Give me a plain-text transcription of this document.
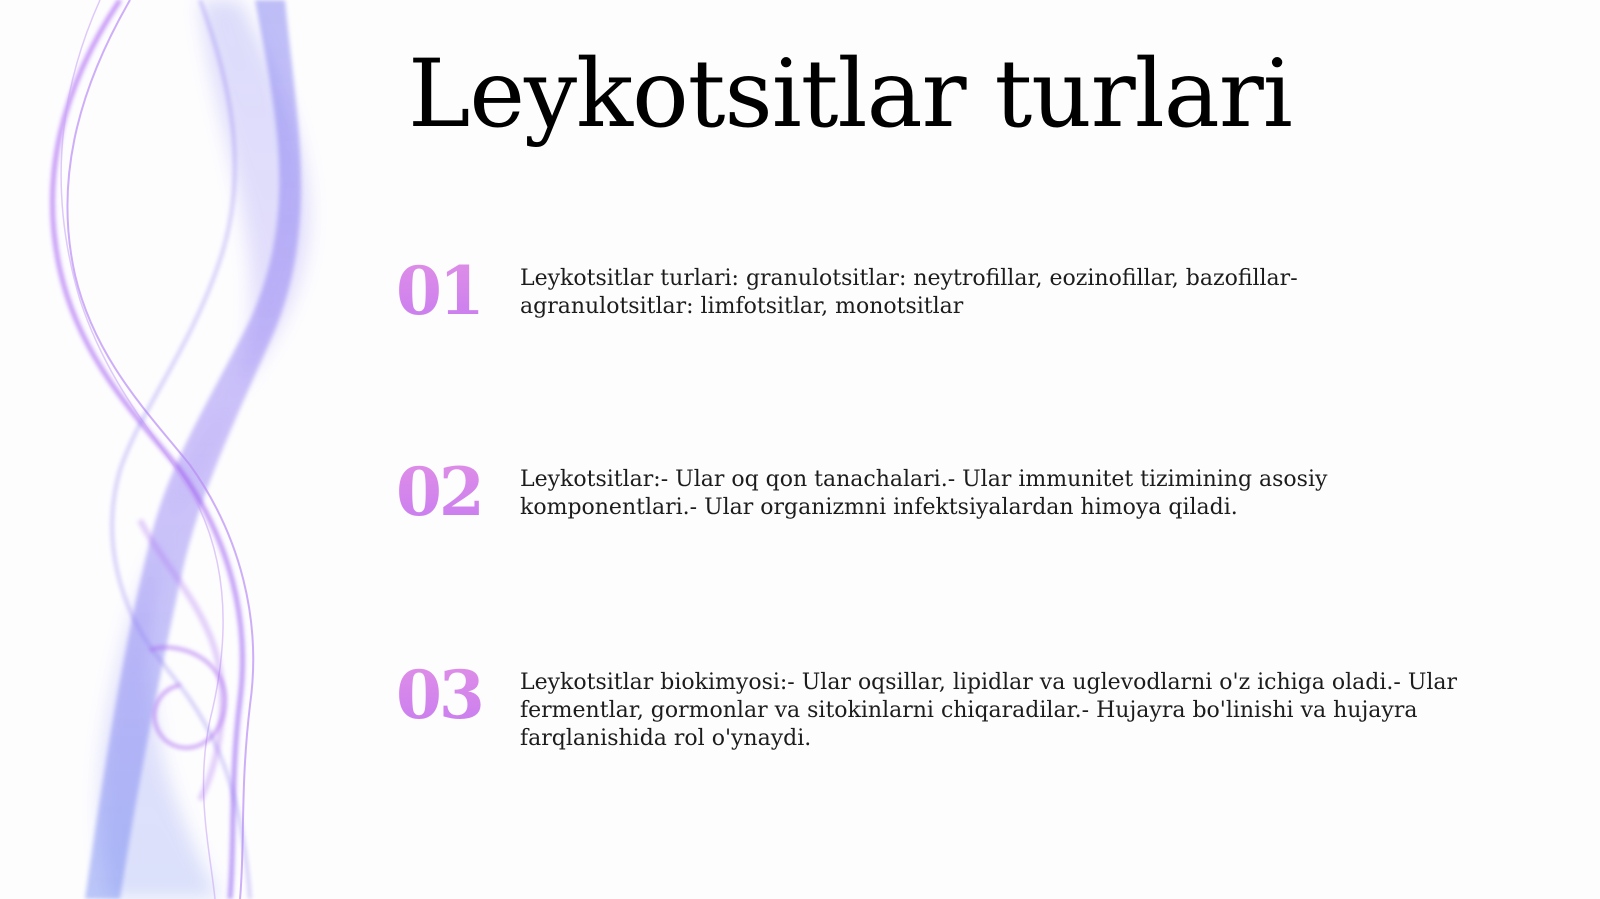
Leykotsitlar turlari
01 Leykotsitlar turlari: granulotsitlar: neytrofillar, eozinofillar, bazofillar- agranulotsitlar: limfotsitlar, monotsitlar

02 Leykotsitlar:- Ular oq qon tanachalari.- Ular immunitet tizimining asosiy komponentlari.- Ular organizmni infektsiyalardan himoya qiladi.

03 Leykotsitlar biokimyosi:- Ular oqsillar, lipidlar va uglevodlarni o'z ichiga oladi.- Ular fermentlar, gormonlar va sitokinlarni chiqaradilar.- Hujayra bo'linishi va hujayra farqlanishida rol o'ynaydi.
